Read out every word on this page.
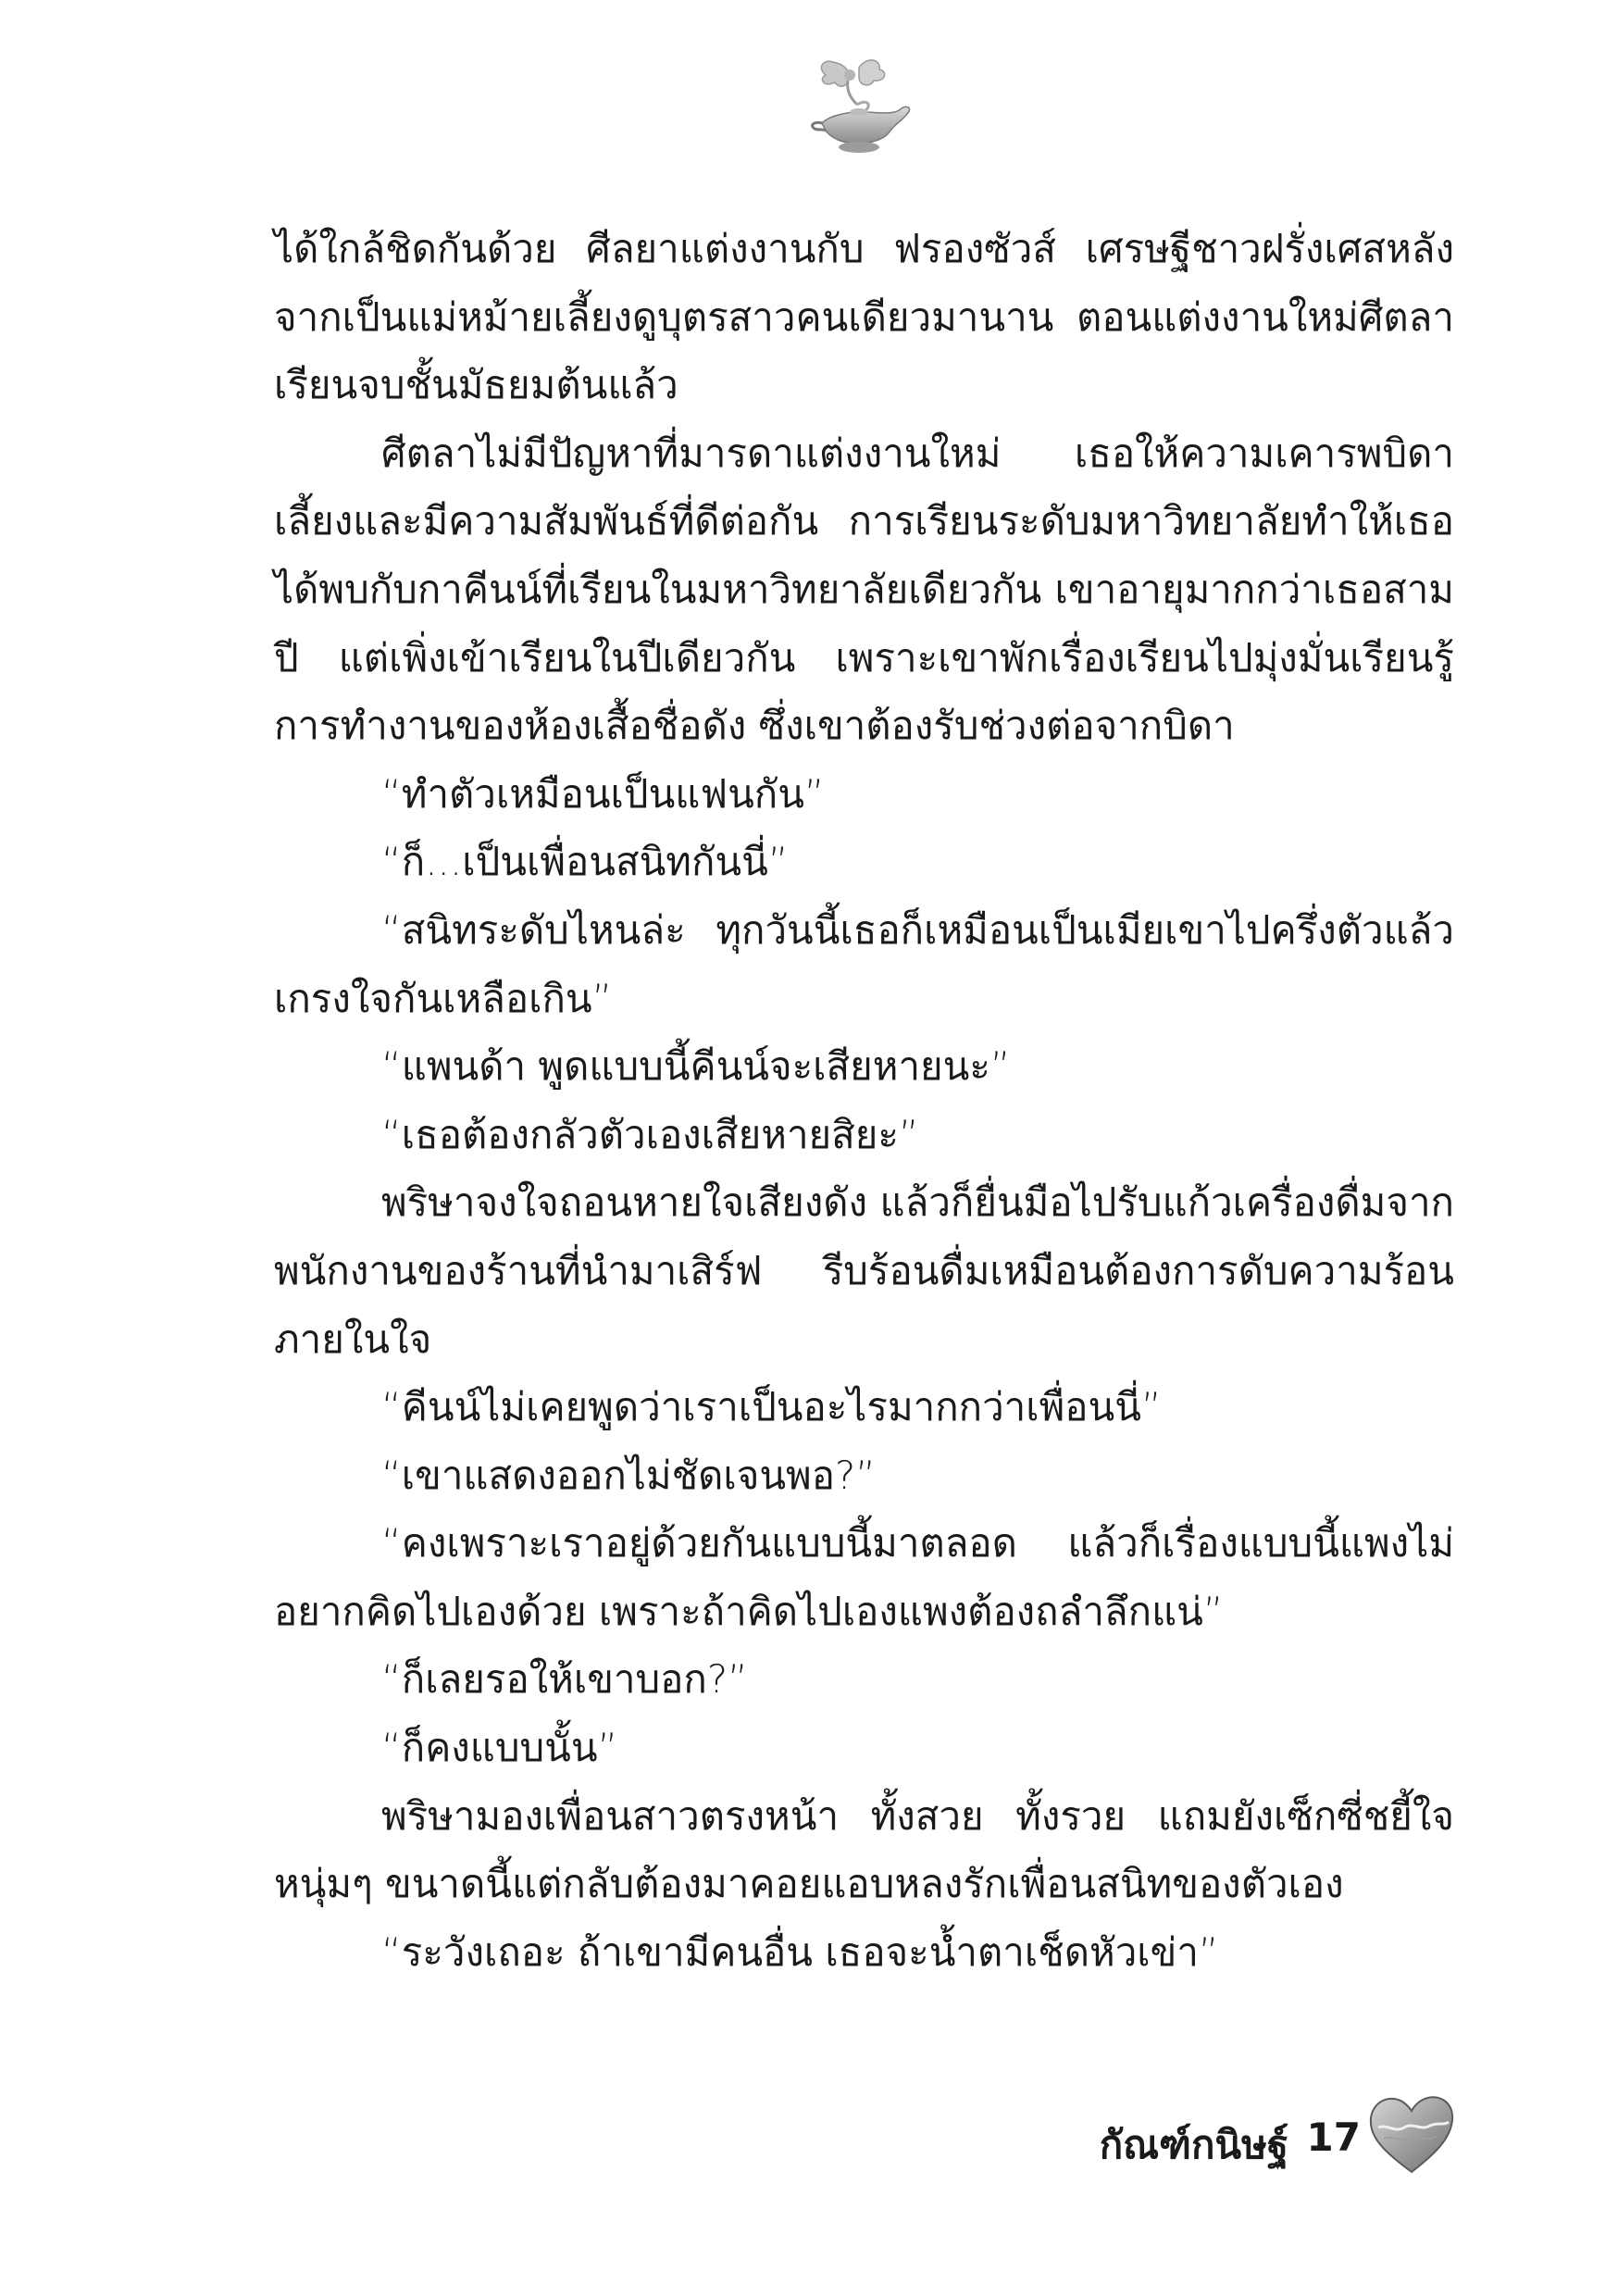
ได้ใกล้ชิดกันด้วย ศีลยาแต่งงานกับ ฟรองซัวส์ เศรษฐีชาวฝรั่งเศสหลังจากเป็นแม่หม้ายเลี้ยงดูบุตรสาวคนเดียวมานาน ตอนแต่งงานใหม่ศีตลาเรียนจบชั้นมัธยมต้นแล้ว

ศีตลาไม่มีปัญหาที่มารดาแต่งงานใหม่ เธอให้ความเคารพบิดาเลี้ยงและมีความสัมพันธ์ที่ดีต่อกัน การเรียนระดับมหาวิทยาลัยทำให้เธอได้พบกับกาคีนน์ที่เรียนในมหาวิทยาลัยเดียวกัน เขาอายุมากกว่าเธอสามปี แต่เพิ่งเข้าเรียนในปีเดียวกัน เพราะเขาพักเรื่องเรียนไปมุ่งมั่นเรียนรู้การทำงานของห้องเสื้อชื่อดัง ซึ่งเขาต้องรับช่วงต่อจากบิดา

“ทำตัวเหมือนเป็นแฟนกัน”

“ก็...เป็นเพื่อนสนิทกันนี่”

“สนิทระดับไหนล่ะ ทุกวันนี้เธอก็เหมือนเป็นเมียเขาไปครึ่งตัวแล้วเกรงใจกันเหลือเกิน”

“แพนด้า พูดแบบนี้คีนน์จะเสียหายนะ”

“เธอต้องกลัวตัวเองเสียหายสิยะ”

พริษาจงใจถอนหายใจเสียงดัง แล้วก็ยื่นมือไปรับแก้วเครื่องดื่มจากพนักงานของร้านที่นำมาเสิร์ฟ รีบร้อนดื่มเหมือนต้องการดับความร้อนภายในใจ

“คีนน์ไม่เคยพูดว่าเราเป็นอะไรมากกว่าเพื่อนนี่”

“เขาแสดงออกไม่ชัดเจนพอ?”

“คงเพราะเราอยู่ด้วยกันแบบนี้มาตลอด แล้วก็เรื่องแบบนี้แพงไม่อยากคิดไปเองด้วย เพราะถ้าคิดไปเองแพงต้องถลำลึกแน่”

“ก็เลยรอให้เขาบอก?”

“ก็คงแบบนั้น”

พริษามองเพื่อนสาวตรงหน้า ทั้งสวย ทั้งรวย แถมยังเซ็กซี่ชยี้ใจหนุ่มๆ ขนาดนี้แต่กลับต้องมาคอยแอบหลงรักเพื่อนสนิทของตัวเอง

“ระวังเถอะ ถ้าเขามีคนอื่น เธอจะน้ำตาเช็ดหัวเข่า”

กัณฑ์กนิษฐ์ 17
